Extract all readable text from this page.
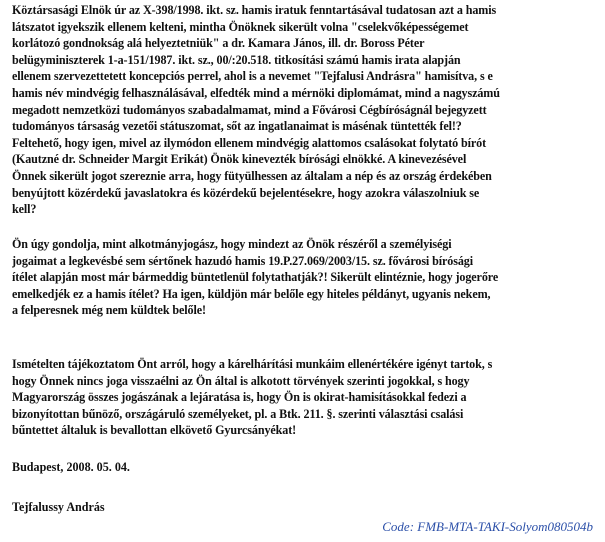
Köztársasági Elnök úr az X-398/1998. ikt. sz. hamis iratuk fenntartásával tudatosan azt a hamis
látszatot igyekszik ellenem kelteni, mintha Önöknek sikerült volna "cselekvőképességemet
korlátozó gondnokság alá helyeztetniük" a dr. Kamara János, ill. dr. Boross Péter
belügyminiszterek 1-a-151/1987. ikt. sz., 00/:20.518. titkosítási számú hamis irata alapján
ellenem szervezettetett koncepciós perrel, ahol is a nevemet "Tejfalusi Andrásra" hamisítva, s e
hamis név mindvégig felhasználásával, elfedték mind a mérnöki diplomámat, mind a nagyszámú
megadott nemzetközi tudományos szabadalmamat, mind a Fővárosi Cégbíróságnál bejegyzett
tudományos társaság vezetői státuszomat, sőt az ingatlanaimat is másénak tüntették fel!?
Feltehető, hogy igen, mivel az ilymódon ellenem mindvégig alattomos csalásokat folytató bírót
(Kautzné dr. Schneider Margit Erikát) Önök kinevezték bírósági elnökké. A kinevezésével
Önnek sikerült jogot szereznie arra, hogy fütyülhessen az általam a nép és az ország érdekében
benyújtott közérdekű javaslatokra és közérdekű bejelentésekre, hogy azokra válaszolniuk se
kell?
Ön úgy gondolja, mint alkotmányjogász, hogy mindezt az Önök részéről a személyiségi
jogaimat a legkevésbé sem sértőnek hazudó hamis 19.P.27.069/2003/15. sz. fővárosi bírósági
ítélet alapján most már bármeddig büntetlenül folytathatják?! Sikerült elintéznie, hogy jogerőre
emelkedjék ez a hamis ítélet? Ha igen, küldjön már belőle egy hiteles példányt, ugyanis nekem,
a felperesnek még nem küldtek belőle!
Ismételten tájékoztatom Önt arról, hogy a kárelhárítási munkáim ellenértékére igényt tartok, s
hogy Önnek nincs joga visszaélni az Ön által is alkotott törvények szerinti jogokkal, s hogy
Magyarország összes jogászának a lejáratása is, hogy Ön is okirat-hamisításokkal fedezi a
bizonyítottan bűnöző, országáruló személyeket, pl. a Btk. 211. §. szerinti választási csalási
bűntettet általuk is bevallottan elkövető Gyurcsányékat!
Budapest, 2008. 05. 04.
Tejfalussy András
Code: FMB-MTA-TAKI-Solyom080504b
